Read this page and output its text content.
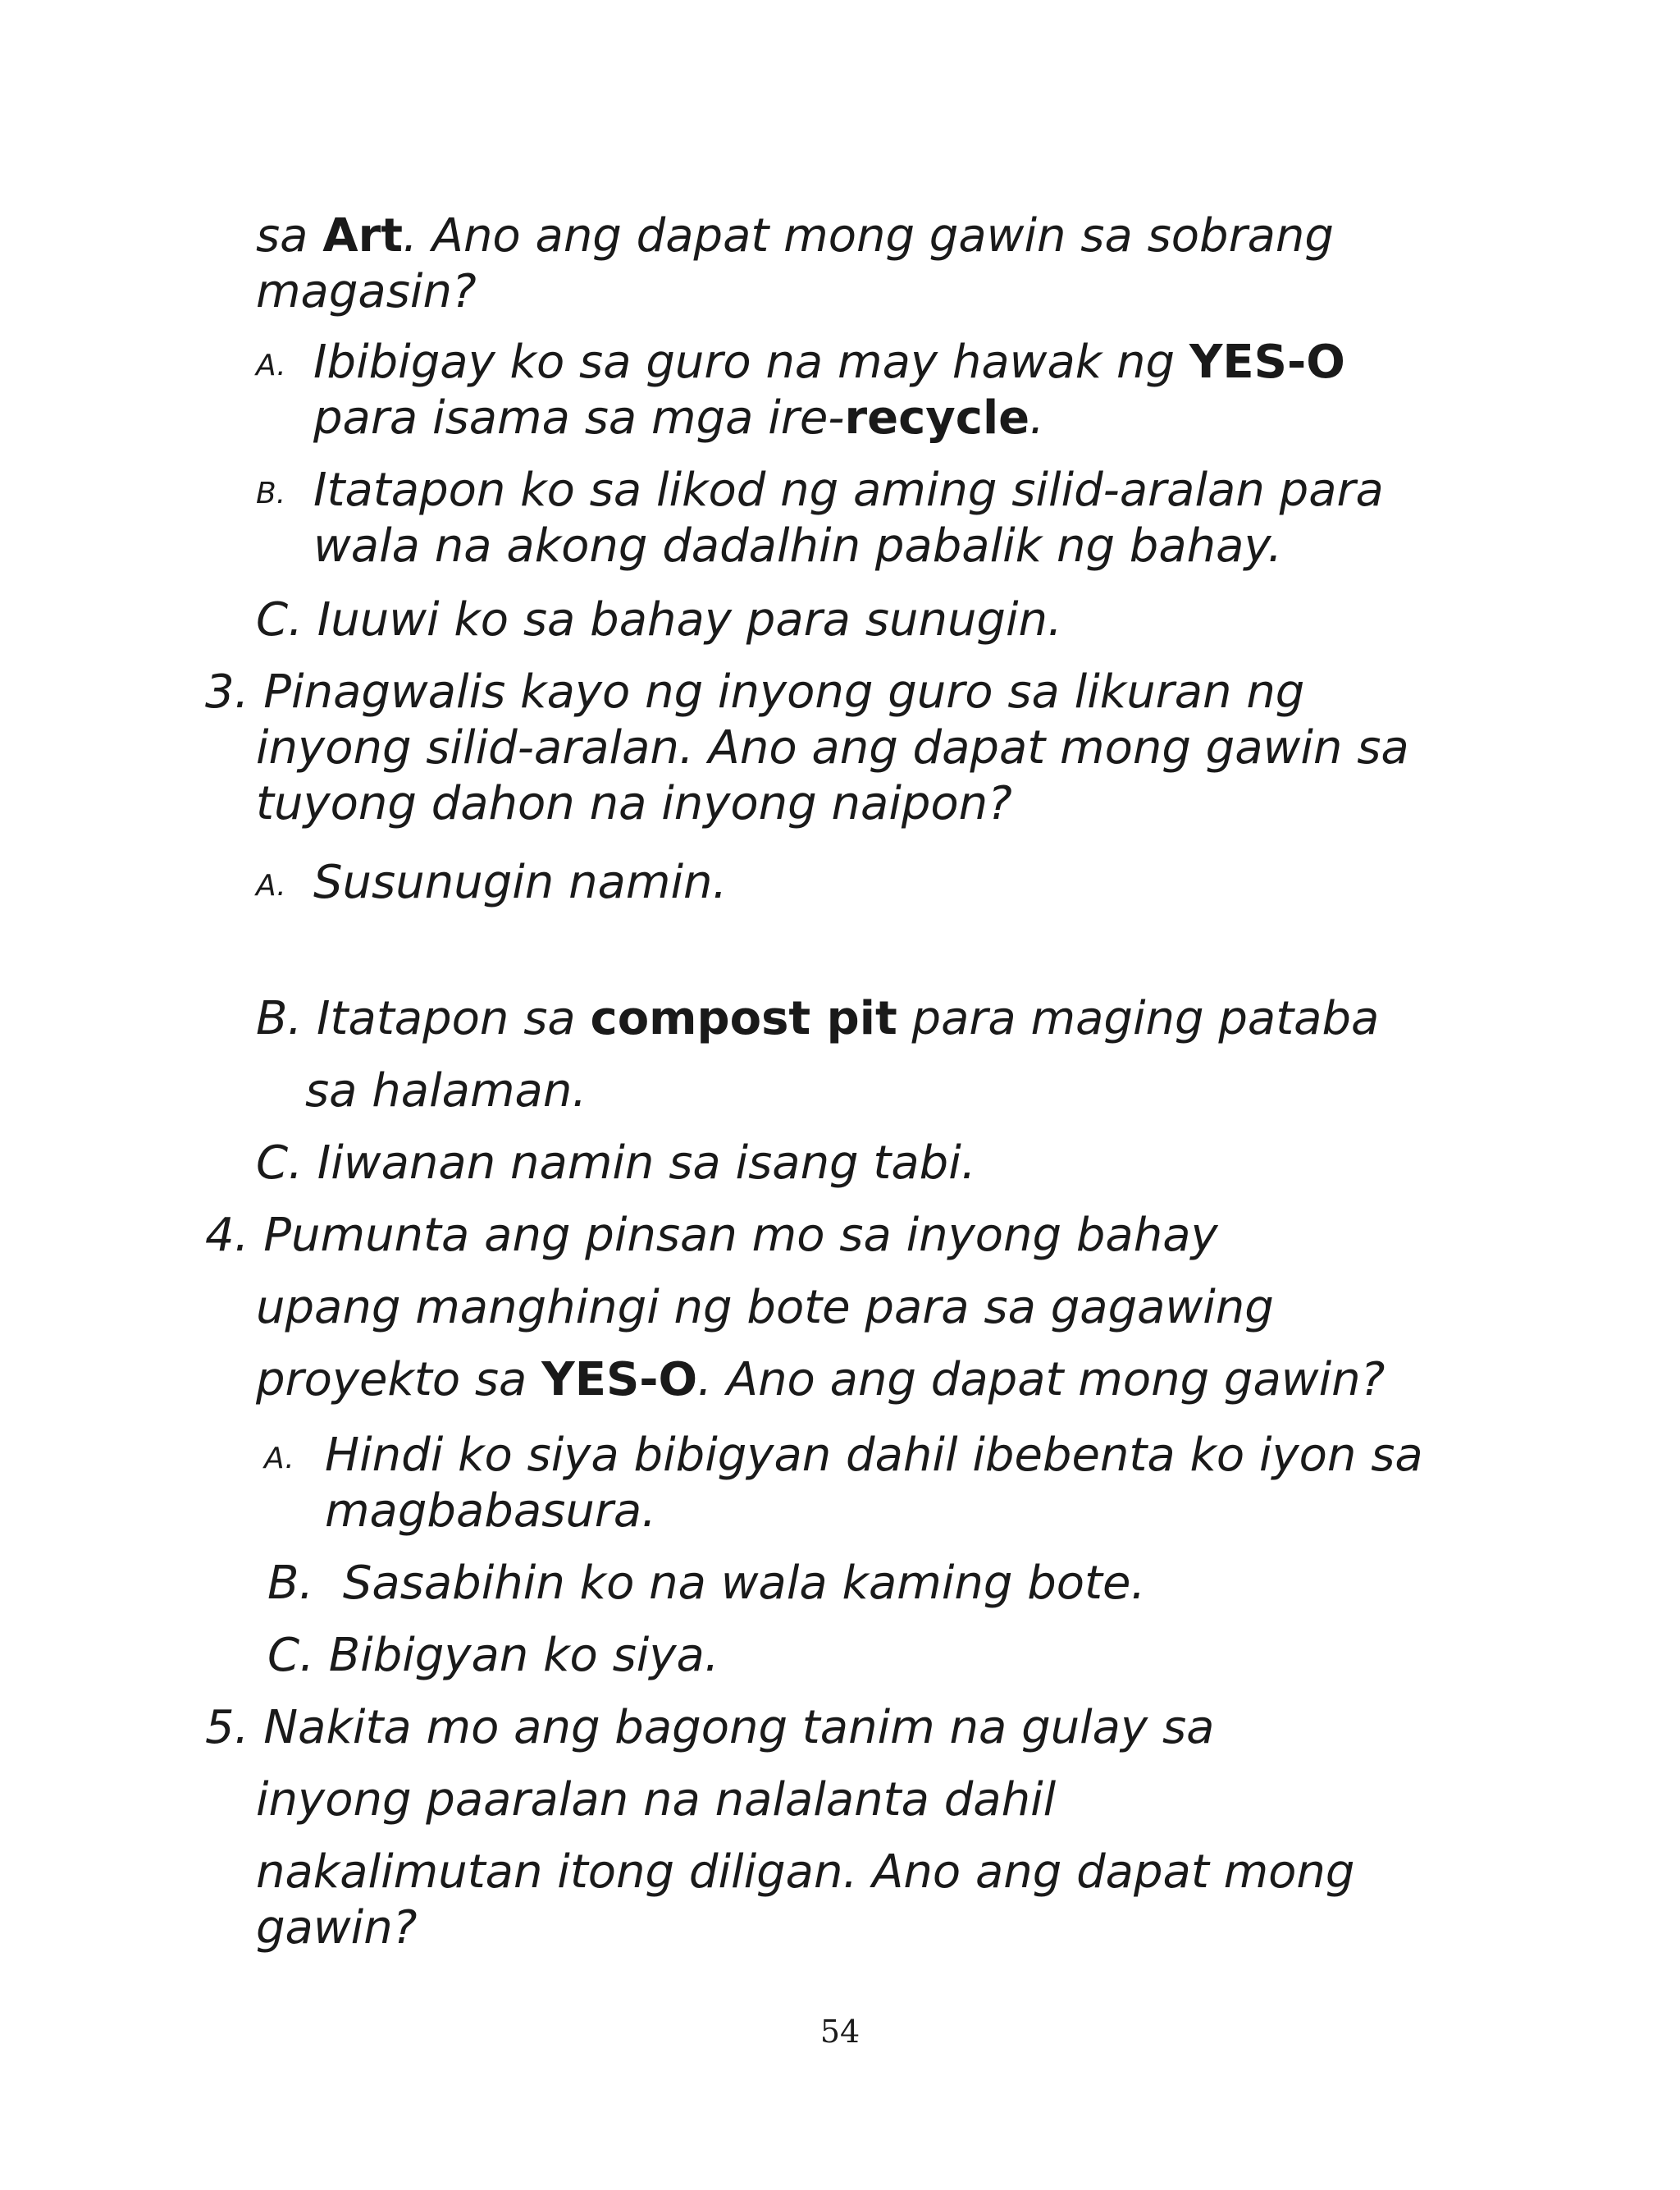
sa Art. Ano ang dapat mong gawin sa sobrang

magasin?

A. Ibibigay ko sa guro na may hawak ng YES-O

para isama sa mga ire-recycle.

B. Itatapon ko sa likod ng aming silid-aralan para

wala na akong dadalhin pabalik ng bahay.

C. Iuuwi ko sa bahay para sunugin.

3. Pinagwalis kayo ng inyong guro sa likuran ng

inyong silid-aralan. Ano ang dapat mong gawin sa

tuyong dahon na inyong naipon?

A. Susunugin namin.

B. Itatapon sa compost pit para maging pataba

sa halaman.

C. Iiwanan namin sa isang tabi.

4. Pumunta ang pinsan mo sa inyong bahay

upang manghingi ng bote para sa gagawing

proyekto sa YES-O. Ano ang dapat mong gawin?

A. Hindi ko siya bibigyan dahil ibebenta ko iyon sa

magbabasura.

B. Sasabihin ko na wala kaming bote.

C. Bibigyan ko siya.

5. Nakita mo ang bagong tanim na gulay sa

inyong paaralan na nalalanta dahil

nakalimutan itong diligan. Ano ang dapat mong

gawin?

54
